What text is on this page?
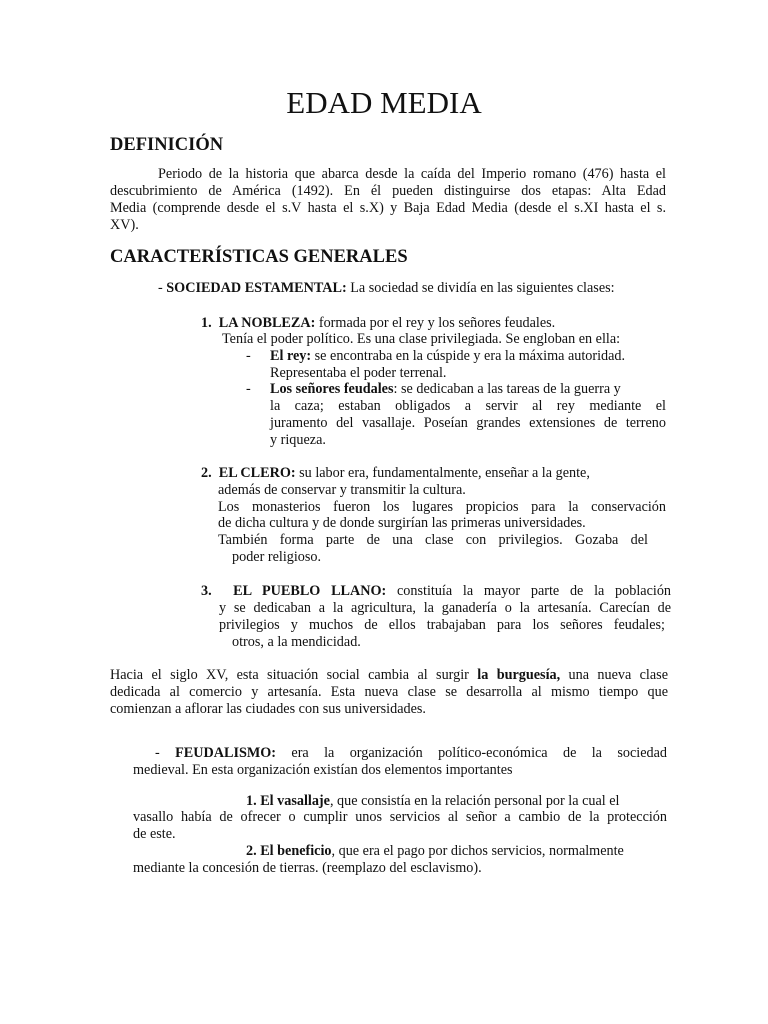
EDAD MEDIA
DEFINICIÓN
Periodo de la historia que abarca desde la caída del Imperio romano (476) hasta el
descubrimiento de América (1492). En él pueden distinguirse dos etapas: Alta Edad
Media (comprende desde el s.V hasta el s.X) y Baja Edad Media (desde el s.XI hasta el s.
XV).
CARACTERÍSTICAS GENERALES
- SOCIEDAD ESTAMENTAL: La sociedad se dividía en las siguientes clases:
1. LA NOBLEZA: formada por el rey y los señores feudales.
Tenía el poder político. Es una clase privilegiada. Se engloban en ella:
- El rey: se encontraba en la cúspide y era la máxima autoridad.
Representaba el poder terrenal.
- Los señores feudales: se dedicaban a las tareas de la guerra y
la caza; estaban obligados a servir al rey mediante el
juramento del vasallaje. Poseían grandes extensiones de terreno
y riqueza.
2. EL CLERO: su labor era, fundamentalmente, enseñar a la gente,
además de conservar y transmitir la cultura.
Los monasterios fueron los lugares propicios para la conservación
de dicha cultura y de donde surgirían las primeras universidades.
También forma parte de una clase con privilegios. Gozaba del
poder religioso.
3. EL PUEBLO LLANO: constituía la mayor parte de la población
y se dedicaban a la agricultura, la ganadería o la artesanía. Carecían de
privilegios y muchos de ellos trabajaban para los señores feudales;
otros, a la mendicidad.
Hacia el siglo XV, esta situación social cambia al surgir la burguesía, una nueva clase
dedicada al comercio y artesanía. Esta nueva clase se desarrolla al mismo tiempo que
comienzan a aflorar las ciudades con sus universidades.
- FEUDALISMO: era la organización político-económica de la sociedad
medieval. En esta organización existían dos elementos importantes
1. El vasallaje, que consistía en la relación personal por la cual el
vasallo había de ofrecer o cumplir unos servicios al señor a cambio de la protección
de este.
2. El beneficio, que era el pago por dichos servicios, normalmente
mediante la concesión de tierras. (reemplazo del esclavismo).
